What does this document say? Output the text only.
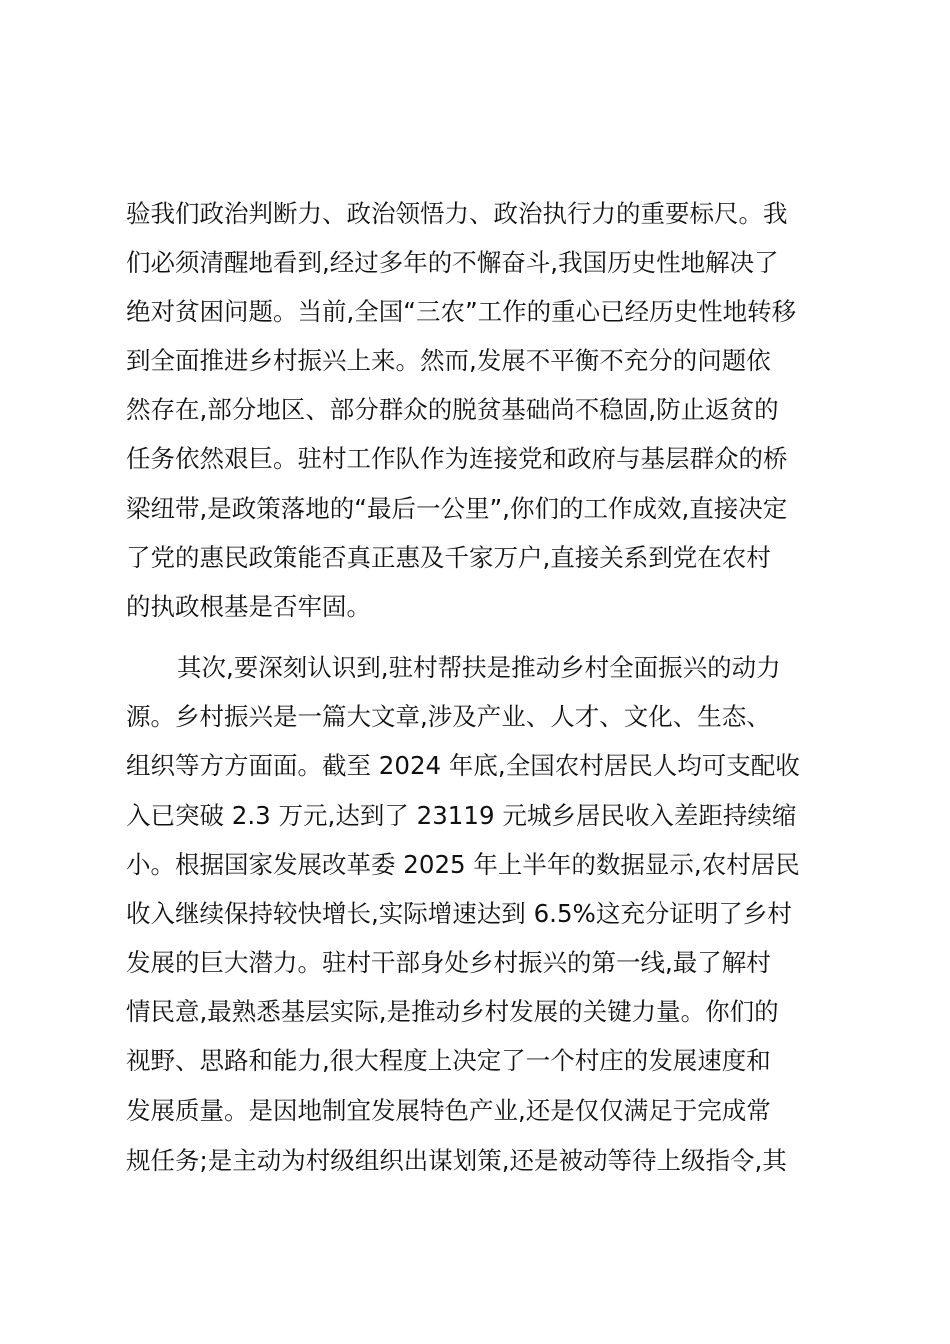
验我们政治判断力、政治领悟力、政治执行力的重要标尺。我
们必须清醒地看到,经过多年的不懈奋斗,我国历史性地解决了
绝对贫困问题。当前,全国“三农”工作的重心已经历史性地转移
到全面推进乡村振兴上来。然而,发展不平衡不充分的问题依
然存在,部分地区、部分群众的脱贫基础尚不稳固,防止返贫的
任务依然艰巨。驻村工作队作为连接党和政府与基层群众的桥
梁纽带,是政策落地的“最后一公里”,你们的工作成效,直接决定
了党的惠民政策能否真正惠及千家万户,直接关系到党在农村
的执政根基是否牢固。
其次,要深刻认识到,驻村帮扶是推动乡村全面振兴的动力
源。乡村振兴是一篇大文章,涉及产业、人才、文化、生态、
组织等方方面面。截至 2024 年底,全国农村居民人均可支配收
入已突破 2.3 万元,达到了 23119 元城乡居民收入差距持续缩
小。根据国家发展改革委 2025 年上半年的数据显示,农村居民
收入继续保持较快增长,实际增速达到 6.5%这充分证明了乡村
发展的巨大潜力。驻村干部身处乡村振兴的第一线,最了解村
情民意,最熟悉基层实际,是推动乡村发展的关键力量。你们的
视野、思路和能力,很大程度上决定了一个村庄的发展速度和
发展质量。是因地制宜发展特色产业,还是仅仅满足于完成常
规任务;是主动为村级组织出谋划策,还是被动等待上级指令,其
